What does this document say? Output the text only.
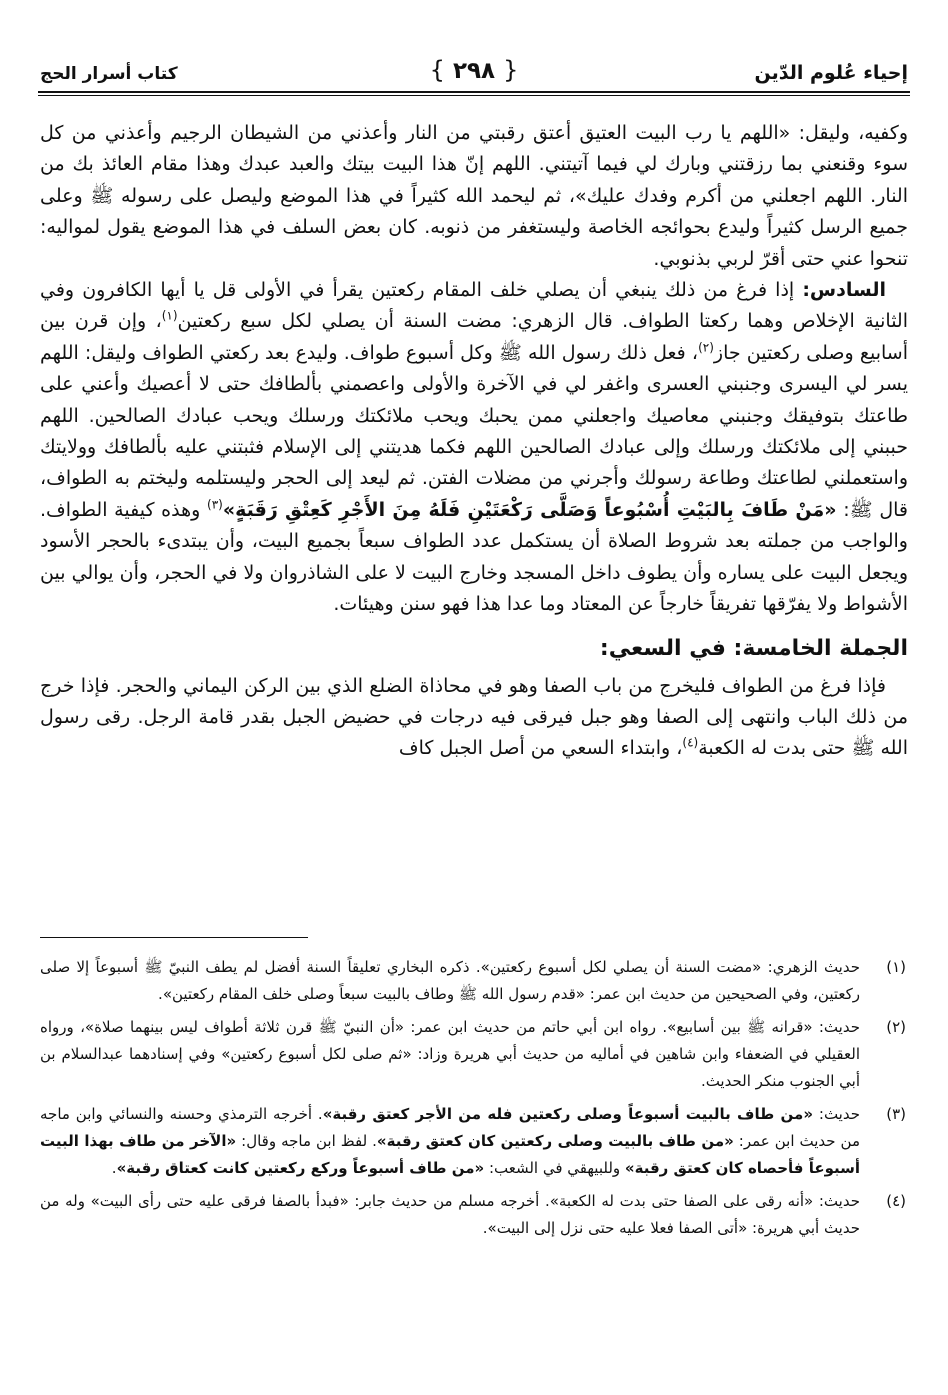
إحياء عُلوم الدّين
{ ٢٩٨ }
كتاب أسرار الحج

وكفيه، وليقل: «اللهم يا رب البيت العتيق أعتق رقبتي من النار وأعذني من الشيطان الرجيم وأعذني من كل سوء وقنعني بما رزقتني وبارك لي فيما آتيتني. اللهم إنّ هذا البيت بيتك والعبد عبدك وهذا مقام العائذ بك من النار. اللهم اجعلني من أكرم وفدك عليك»، ثم ليحمد الله كثيراً في هذا الموضع وليصل على رسوله ﷺ وعلى جميع الرسل كثيراً وليدع بحوائجه الخاصة وليستغفر من ذنوبه. كان بعض السلف في هذا الموضع يقول لمواليه: تنحوا عني حتى أقرّ لربي بذنوبي.

السادس: إذا فرغ من ذلك ينبغي أن يصلي خلف المقام ركعتين يقرأ في الأولى قل يا أيها الكافرون وفي الثانية الإخلاص وهما ركعتا الطواف. قال الزهري: مضت السنة أن يصلي لكل سبع ركعتين$^{(١)}$، وإن قرن بين أسابيع وصلى ركعتين جاز$^{(٢)}$، فعل ذلك رسول الله ﷺ وكل أسبوع طواف. وليدع بعد ركعتي الطواف وليقل: اللهم يسر لي اليسرى وجنبني العسرى واغفر لي في الآخرة والأولى واعصمني بألطافك حتى لا أعصيك وأعني على طاعتك بتوفيقك وجنبني معاصيك واجعلني ممن يحبك ويحب ملائكتك ورسلك ويحب عبادك الصالحين. اللهم حببني إلى ملائكتك ورسلك وإلى عبادك الصالحين اللهم فكما هديتني إلى الإسلام فثبتني عليه بألطافك وولايتك واستعملني لطاعتك وطاعة رسولك وأجرني من مضلات الفتن. ثم ليعد إلى الحجر وليستلمه وليختم به الطواف، قال ﷺ: «مَنْ طَافَ بِالبَيْتِ أُسْبُوعاً وَصَلَّى رَكْعَتَيْنِ فَلَهُ مِنَ الأَجْرِ كَعِتْقِ رَقَبَةٍ»$^{(٣)}$ وهذه كيفية الطواف. والواجب من جملته بعد شروط الصلاة أن يستكمل عدد الطواف سبعاً بجميع البيت، وأن يبتدىء بالحجر الأسود ويجعل البيت على يساره وأن يطوف داخل المسجد وخارج البيت لا على الشاذروان ولا في الحجر، وأن يوالي بين الأشواط ولا يفرّقها تفريقاً خارجاً عن المعتاد وما عدا هذا فهو سنن وهيئات.

الجملة الخامسة: في السعي:

فإذا فرغ من الطواف فليخرج من باب الصفا وهو في محاذاة الضلع الذي بين الركن اليماني والحجر. فإذا خرج من ذلك الباب وانتهى إلى الصفا وهو جبل فيرقى فيه درجات في حضيض الجبل بقدر قامة الرجل. رقى رسول الله ﷺ حتى بدت له الكعبة$^{(٤)}$، وابتداء السعي من أصل الجبل كاف

(١)
حديث الزهري: «مضت السنة أن يصلي لكل أسبوع ركعتين». ذكره البخاري تعليقاً السنة أفضل لم يطف النبيّ ﷺ أسبوعاً إلا صلى ركعتين، وفي الصحيحين من حديث ابن عمر: «قدم رسول الله ﷺ وطاف بالبيت سبعاً وصلى خلف المقام ركعتين».
(٢)
حديث: «قرانه ﷺ بين أسابيع». رواه ابن أبي حاتم من حديث ابن عمر: «أن النبيّ ﷺ قرن ثلاثة أطواف ليس بينهما صلاة»، ورواه العقيلي في الضعفاء وابن شاهين في أماليه من حديث أبي هريرة وزاد: «ثم صلى لكل أسبوع ركعتين» وفي إسنادهما عبدالسلام بن أبي الجنوب منكر الحديث.
(٣)
حديث: «من طاف بالبيت أسبوعاً وصلى ركعتين فله من الأجر كعتق رقبة». أخرجه الترمذي وحسنه والنسائي وابن ماجه من حديث ابن عمر: «من طاف بالبيت وصلى ركعتين كان كعتق رقبة». لفظ ابن ماجه وقال: «الآخر من طاف بهذا البيت أسبوعاً فأحصاه كان كعتق رقبة» وللبيهقي في الشعب: «من طاف أسبوعاً وركع ركعتين كانت كعتاق رقبة».
(٤)
حديث: «أنه رقى على الصفا حتى بدت له الكعبة». أخرجه مسلم من حديث جابر: «فبدأ بالصفا فرقى عليه حتى رأى البيت» وله من حديث أبي هريرة: «أتى الصفا فعلا عليه حتى نزل إلى البيت».
